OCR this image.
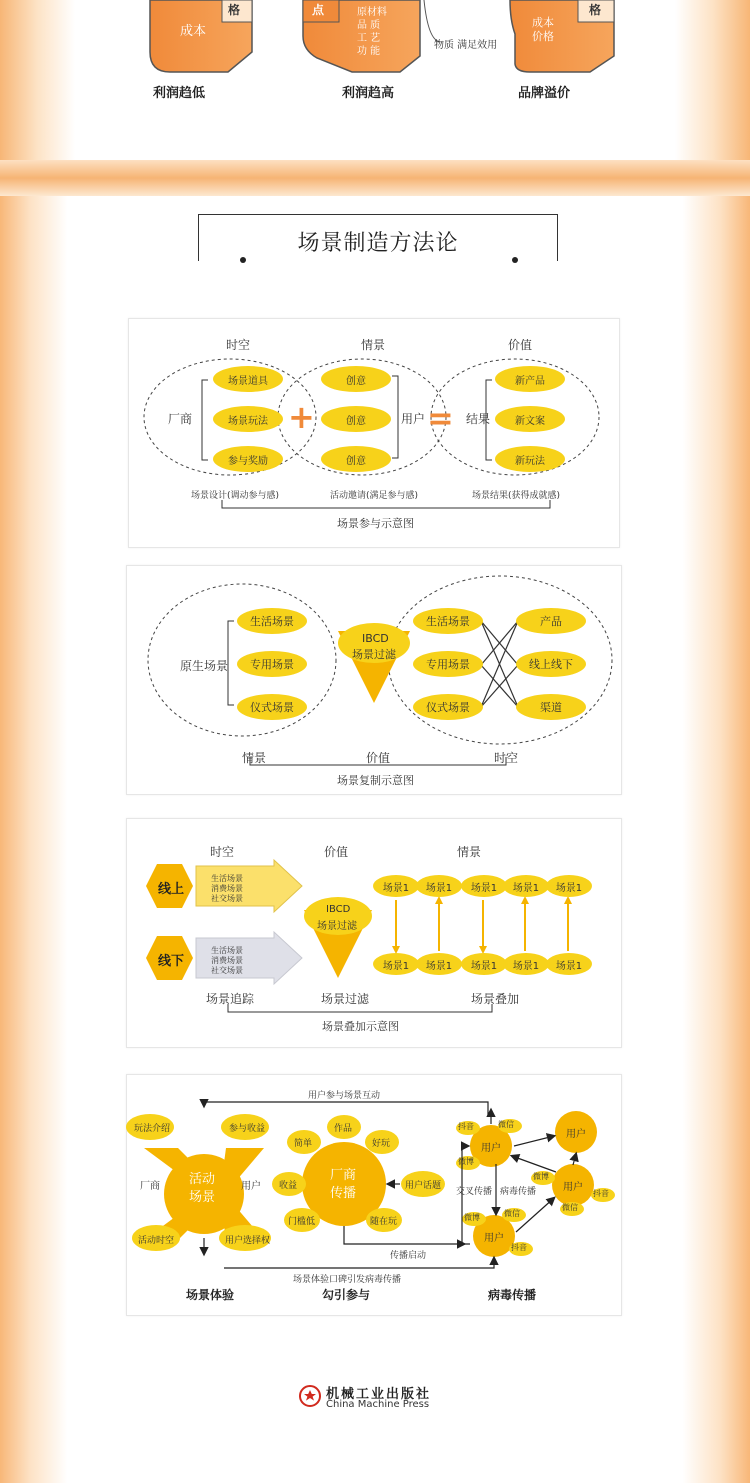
成本
格	点
物质 满足效用
格
原材料
品 质
工 艺
功 能
成本
价格
利润趋低	利润趋高	品牌溢价
场景制造方法论
+	=
时空	情景	价值
厂商	用户	结果
场景道具
场景玩法
参与奖励
创意
创意
创意
新产品
新文案
新玩法
场景设计(调动参与感)	活动邀请(满足参与感)	场景结果(获得成就感)
场景参与示意图
IBCD
场景过滤
原生场景
生活场景
专用场景
仪式场景
生活场景
专用场景
仪式场景
产品
线上线下
渠道
情景	价值	时空
场景复制示意图
时空	价值	情景
线上
线下
生活场景
消费场景
社交场景
生活场景
消费场景
社交场景
IBCD
场景过滤
场景1	场景1	场景1	场景1	场景1
场景1	场景1	场景1	场景1	场景1
场景追踪	场景过滤	场景叠加
场景叠加示意图
用户参与场景互动
活动
场景
玩法介绍	参与收益
活动时空	用户选择权
厂商	用户
厂商
传播
作品
简单	好玩
收益
门槛低	随在玩
用户话题
用户
用户
用户
用户
抖音	微信
微博
微博
微信
抖音
微博	微信
抖音
交叉传播 病毒传播
传播启动
场景体验口碑引发病毒传播
场景体验	勾引参与	病毒传播
机械工业出版社
China Machine Press
